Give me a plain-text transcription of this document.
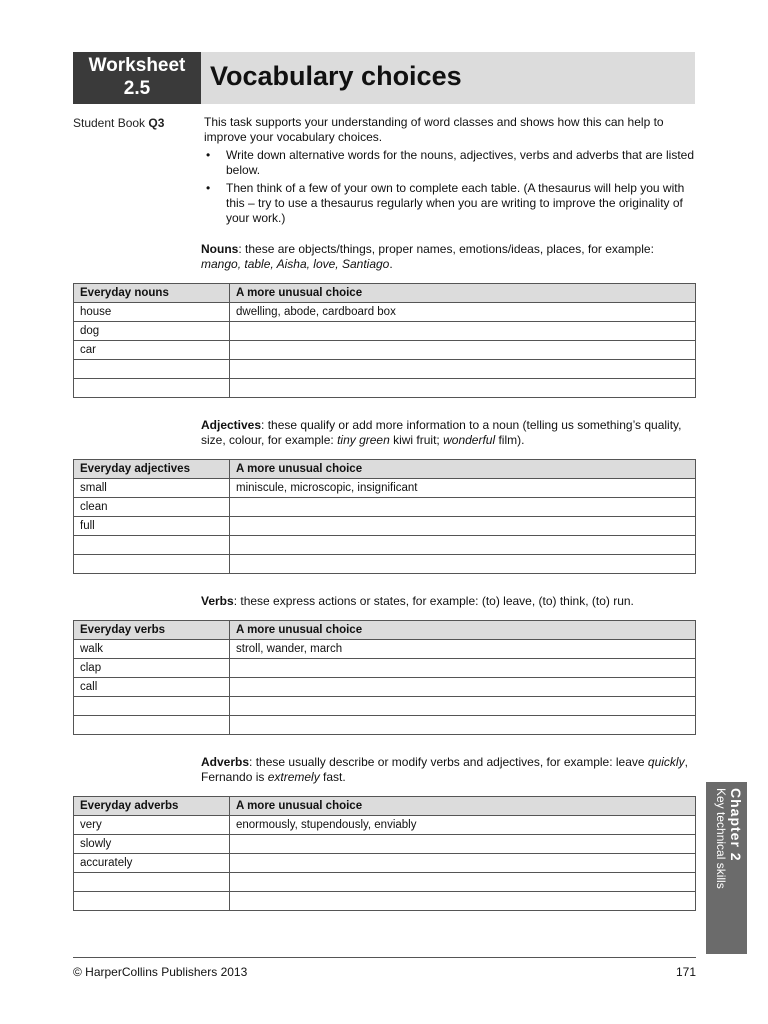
Worksheet
2.5	Vocabulary choices
Student Book Q3	This task supports your understanding of word classes and shows how this can help to improve your vocabulary choices.

• Write down alternative words for the nouns, adjectives, verbs and adverbs that are listed below.
• Then think of a few of your own to complete each table. (A thesaurus will help you with this – try to use a thesaurus regularly when you are writing to improve the originality of your work.)
Nouns: these are objects/things, proper names, emotions/ideas, places, for example: mango, table, Aisha, love, Santiago.
Everyday nouns	A more unusual choice
house	dwelling, abode, cardboard box
dog	
car	

Adjectives: these qualify or add more information to a noun (telling us something’s quality, size, colour, for example: tiny green kiwi fruit; wonderful film).
Everyday adjectives	A more unusual choice
small	miniscule, microscopic, insignificant
clean	
full	

Verbs: these express actions or states, for example: (to) leave, (to) think, (to) run.
Everyday verbs	A more unusual choice
walk	stroll, wander, march
clap	
call	

Adverbs: these usually describe or modify verbs and adjectives, for example: leave quickly, Fernando is extremely fast.
Everyday adverbs	A more unusual choice
very	enormously, stupendously, enviably
slowly	
accurately	

Chapter 2
Key technical skills
© HarperCollins Publishers 2013	171
